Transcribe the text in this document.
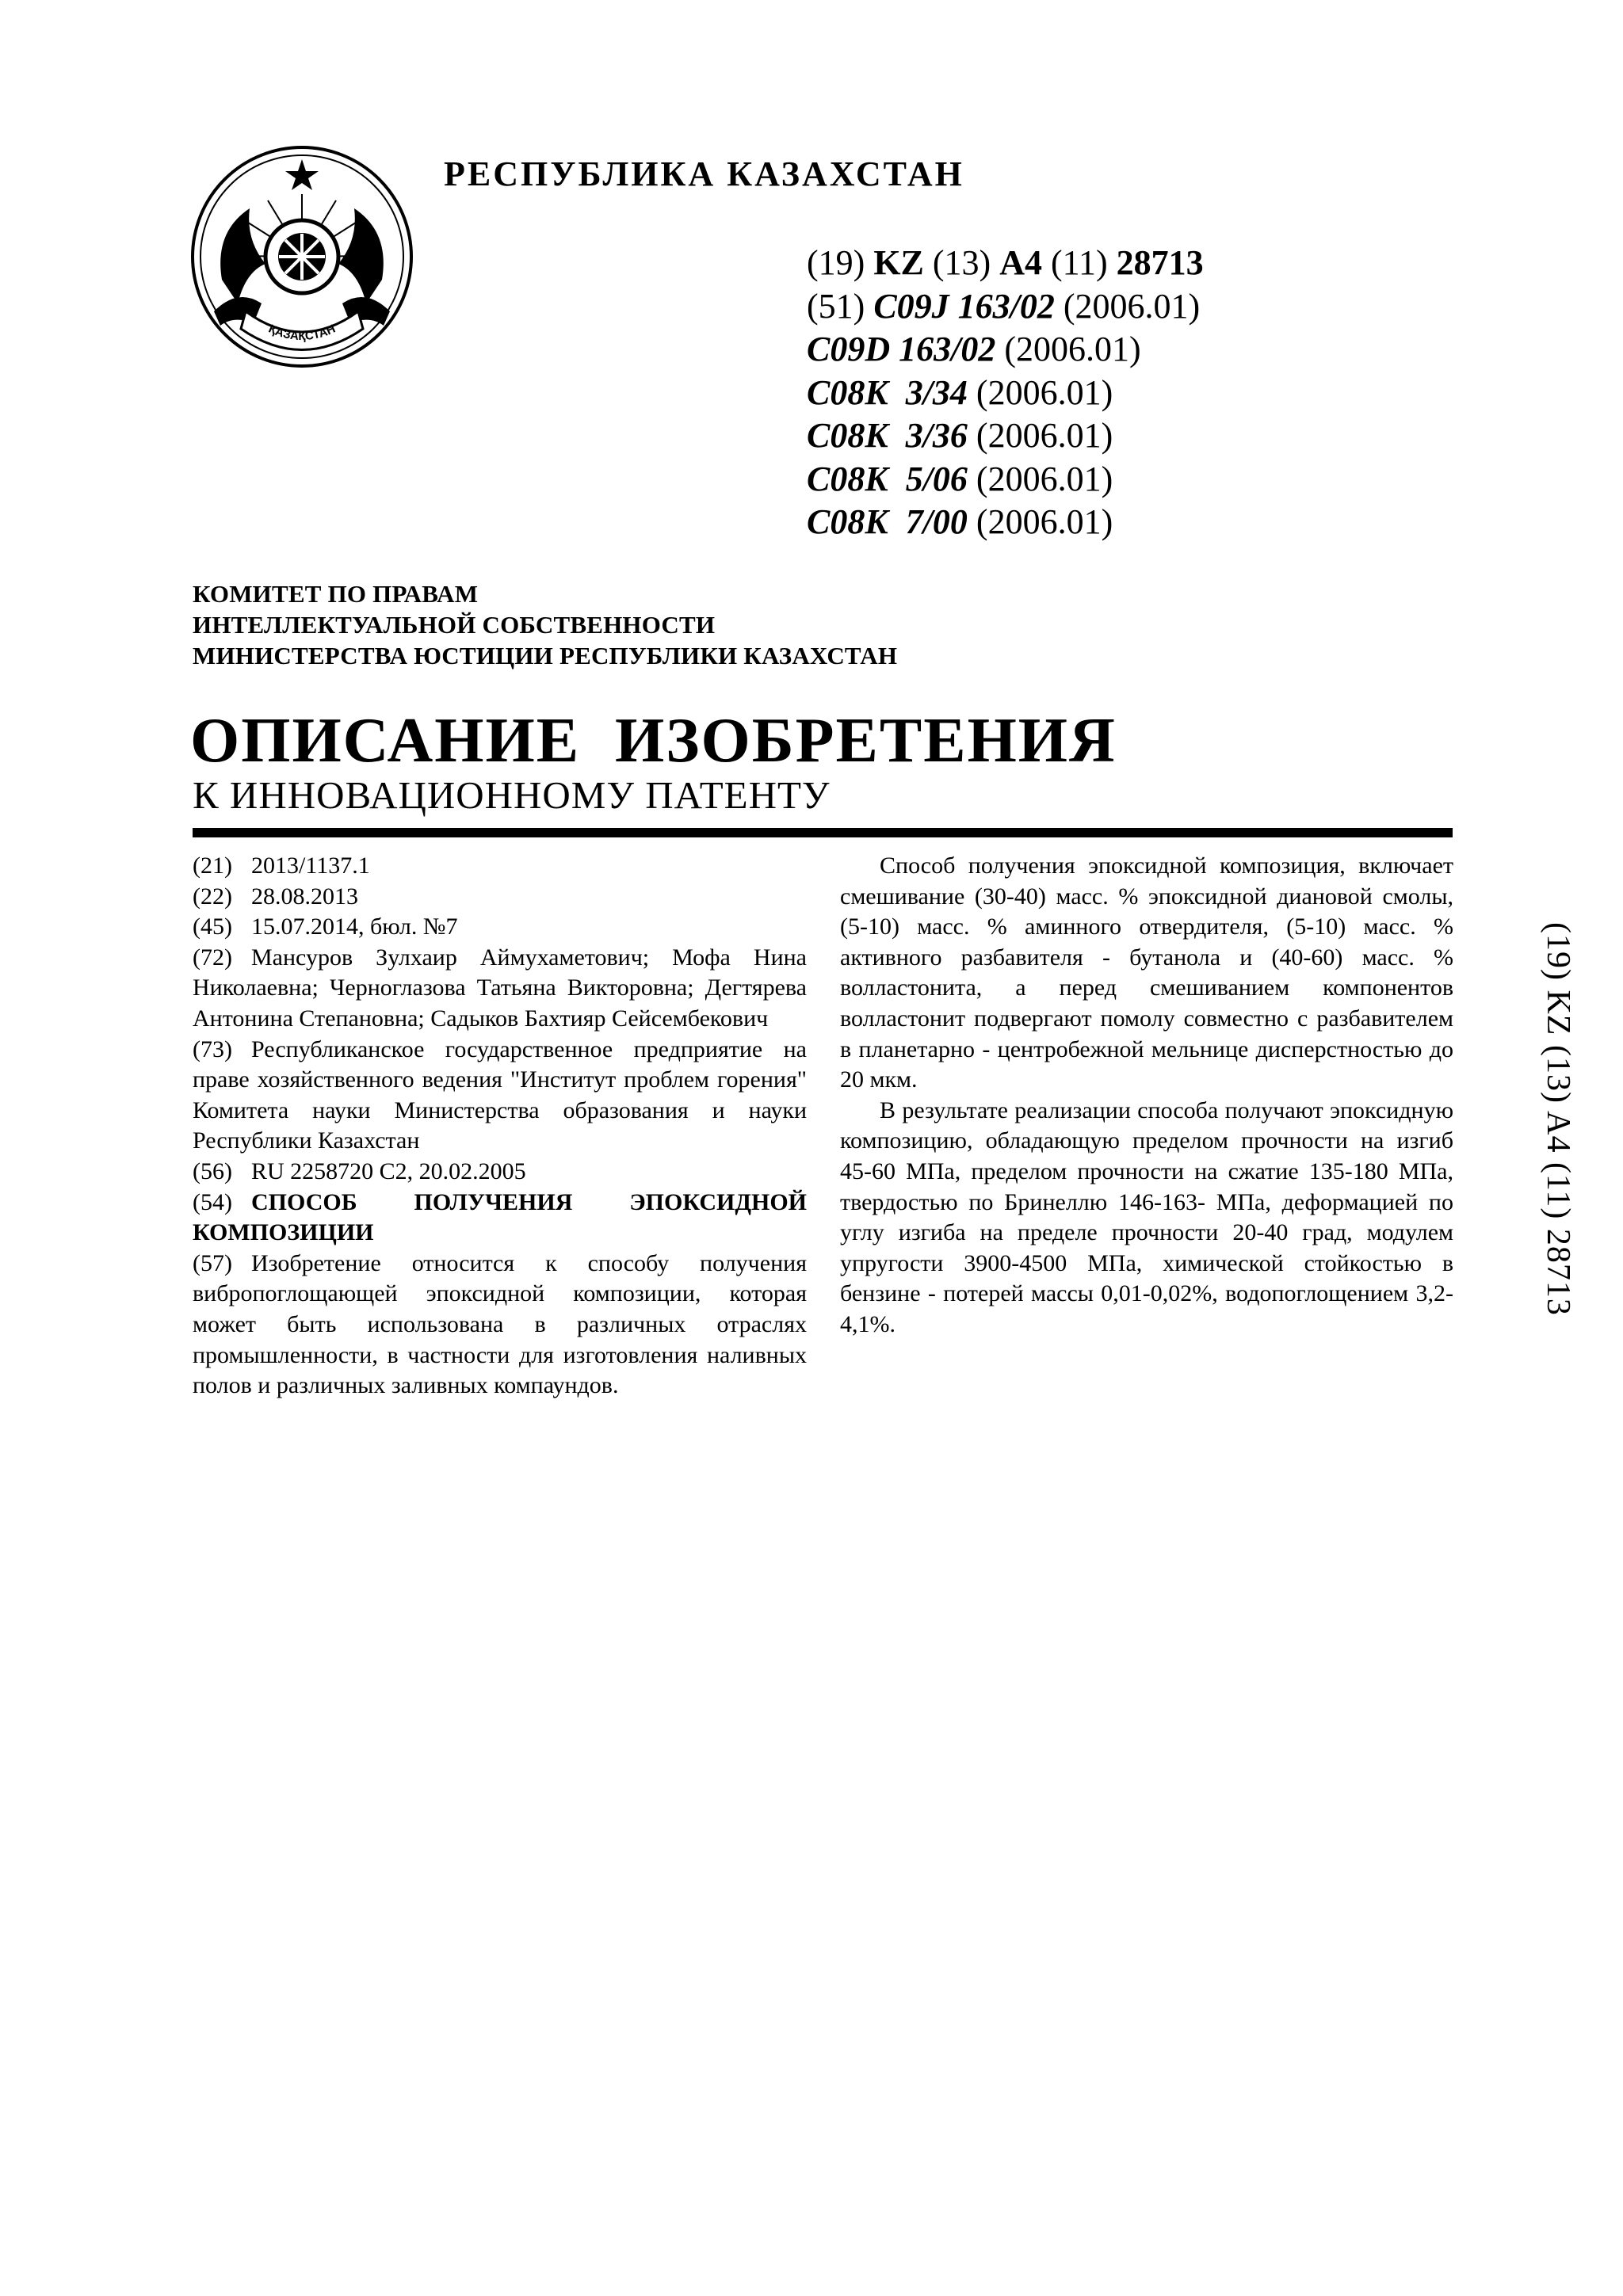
ҚАЗАҚСТАН
РЕСПУБЛИКА КАЗАХСТАН
(19) KZ (13) A4 (11) 28713
(51) C09J 163/02 (2006.01)
C09D 163/02 (2006.01)
C08K  3/34 (2006.01)
C08K  3/36 (2006.01)
C08K  5/06 (2006.01)
C08K  7/00 (2006.01)
КОМИТЕТ ПО ПРАВАМ
ИНТЕЛЛЕКТУАЛЬНОЙ СОБСТВЕННОСТИ
МИНИСТЕРСТВА ЮСТИЦИИ РЕСПУБЛИКИ КАЗАХСТАН
ОПИСАНИЕ  ИЗОБРЕТЕНИЯ
К ИННОВАЦИОННОМУ ПАТЕНТУ

(21) 2013/1137.1

(22) 28.08.2013

(45) 15.07.2014, бюл. №7

(72) Мансуров Зулхаир Аймухаметович; Мофа Нина Николаевна; Черноглазова Татьяна Викторовна; Дегтярева Антонина Степановна; Садыков Бахтияр Сейсембекович

(73) Республиканское государственное предприятие на праве хозяйственного ведения "Институт проблем горения" Комитета науки Министерства образования и науки Республики Казахстан

(56) RU 2258720 C2, 20.02.2005

(54) СПОСОБ ПОЛУЧЕНИЯ ЭПОКСИДНОЙ КОМПОЗИЦИИ

(57) Изобретение относится к способу получения вибропоглощающей эпоксидной композиции, которая может быть использована в различных отраслях промышленности, в частности для изготовления наливных полов и различных заливных компаундов.

Способ получения эпоксидной композиция, включает смешивание (30-40) масс. % эпоксидной диановой смолы, (5-10) масс. % аминного отвердителя, (5-10) масс. % активного разбавителя - бутанола и (40-60) масс. % волластонита, а перед смешиванием компонентов волластонит подвергают помолу совместно с разбавителем в планетарно - центробежной мельнице дисперстностью до 20 мкм.

В результате реализации способа получают эпоксидную композицию, обладающую пределом прочности на изгиб 45-60 МПа, пределом прочности на сжатие 135-180 МПа, твердостью по Бринеллю 146-163- МПа, деформацией по углу изгиба на пределе прочности 20-40 град, модулем упругости 3900-4500 МПа, химической стойкостью в бензине - потерей массы 0,01-0,02%, водопоглощением 3,2-4,1%.

(19) KZ (13) A4 (11) 28713
